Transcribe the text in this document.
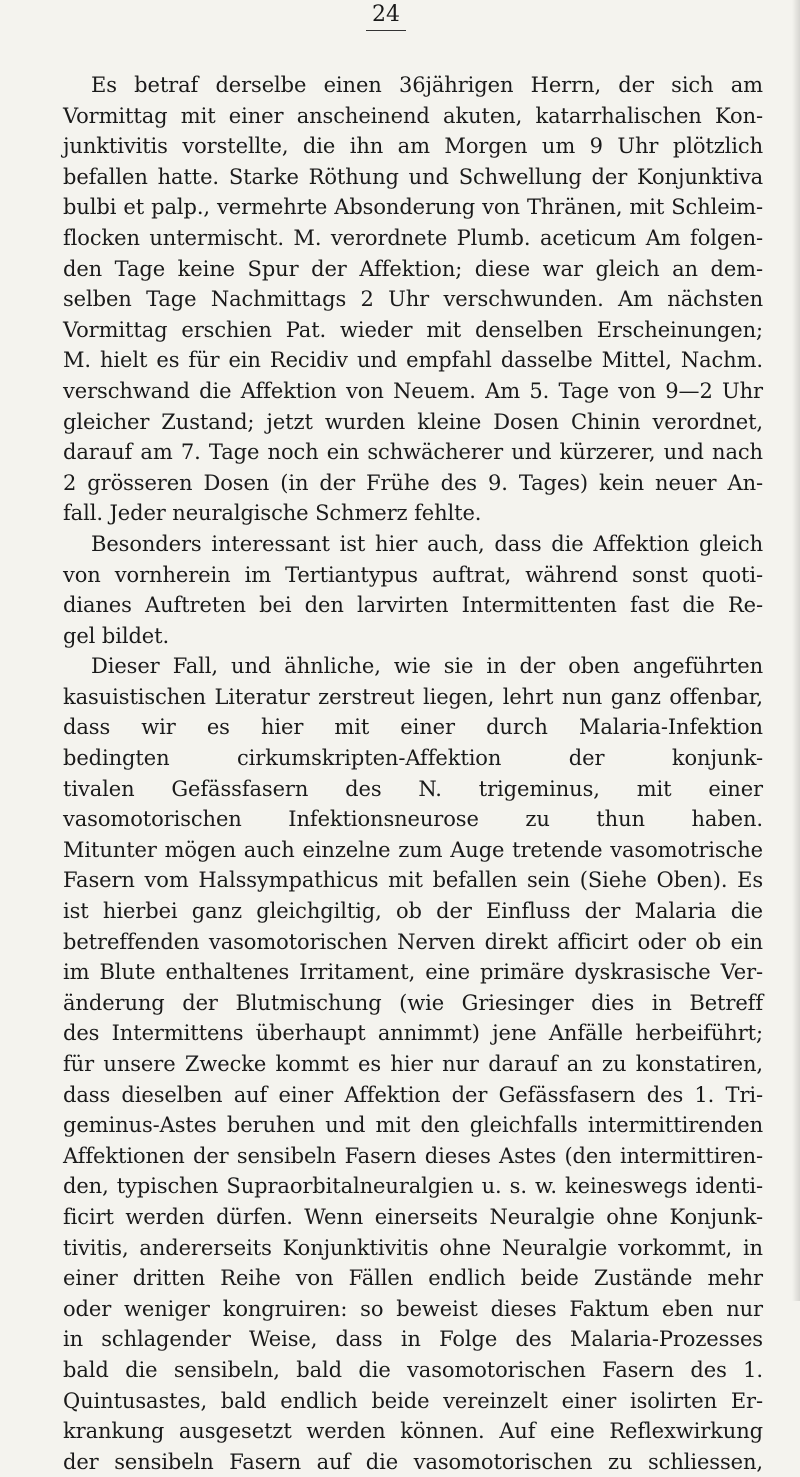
24
Es betraf derselbe einen 36jährigen Herrn, der sich am
Vormittag mit einer anscheinend akuten, katarrhalischen Kon-
junktivitis vorstellte, die ihn am Morgen um 9 Uhr plötzlich
befallen hatte. Starke Röthung und Schwellung der Konjunktiva
bulbi et palp., vermehrte Absonderung von Thränen, mit Schleim-
flocken untermischt. M. verordnete Plumb. aceticum Am folgen-
den Tage keine Spur der Affektion; diese war gleich an dem-
selben Tage Nachmittags 2 Uhr verschwunden. Am nächsten
Vormittag erschien Pat. wieder mit denselben Erscheinungen;
M. hielt es für ein Recidiv und empfahl dasselbe Mittel, Nachm.
verschwand die Affektion von Neuem. Am 5. Tage von 9—2 Uhr
gleicher Zustand; jetzt wurden kleine Dosen Chinin verordnet,
darauf am 7. Tage noch ein schwächerer und kürzerer, und nach
2 grösseren Dosen (in der Frühe des 9. Tages) kein neuer An-
fall. Jeder neuralgische Schmerz fehlte.
Besonders interessant ist hier auch, dass die Affektion gleich
von vornherein im Tertiantypus auftrat, während sonst quoti-
dianes Auftreten bei den larvirten Intermittenten fast die Re-
gel bildet.
Dieser Fall, und ähnliche, wie sie in der oben angeführten
kasuistischen Literatur zerstreut liegen, lehrt nun ganz offenbar,
dass wir es hier mit einer durch Malaria-Infektion
bedingten cirkumskripten-Affektion der konjunk-
tivalen Gefässfasern des N. trigeminus, mit einer
vasomotorischen Infektionsneurose zu thun haben.
Mitunter mögen auch einzelne zum Auge tretende vasomotrische
Fasern vom Halssympathicus mit befallen sein (Siehe Oben). Es
ist hierbei ganz gleichgiltig, ob der Einfluss der Malaria die
betreffenden vasomotorischen Nerven direkt afficirt oder ob ein
im Blute enthaltenes Irritament, eine primäre dyskrasische Ver-
änderung der Blutmischung (wie Griesinger dies in Betreff
des Intermittens überhaupt annimmt) jene Anfälle herbeiführt;
für unsere Zwecke kommt es hier nur darauf an zu konstatiren,
dass dieselben auf einer Affektion der Gefässfasern des 1. Tri-
geminus-Astes beruhen und mit den gleichfalls intermittirenden
Affektionen der sensibeln Fasern dieses Astes (den intermittiren-
den, typischen Supraorbitalneuralgien u. s. w. keineswegs identi-
ficirt werden dürfen. Wenn einerseits Neuralgie ohne Konjunk-
tivitis, andererseits Konjunktivitis ohne Neuralgie vorkommt, in
einer dritten Reihe von Fällen endlich beide Zustände mehr
oder weniger kongruiren: so beweist dieses Faktum eben nur
in schlagender Weise, dass in Folge des Malaria-Prozesses
bald die sensibeln, bald die vasomotorischen Fasern des 1.
Quintusastes, bald endlich beide vereinzelt einer isolirten Er-
krankung ausgesetzt werden können. Auf eine Reflexwirkung
der sensibeln Fasern auf die vasomotorischen zu schliessen,
